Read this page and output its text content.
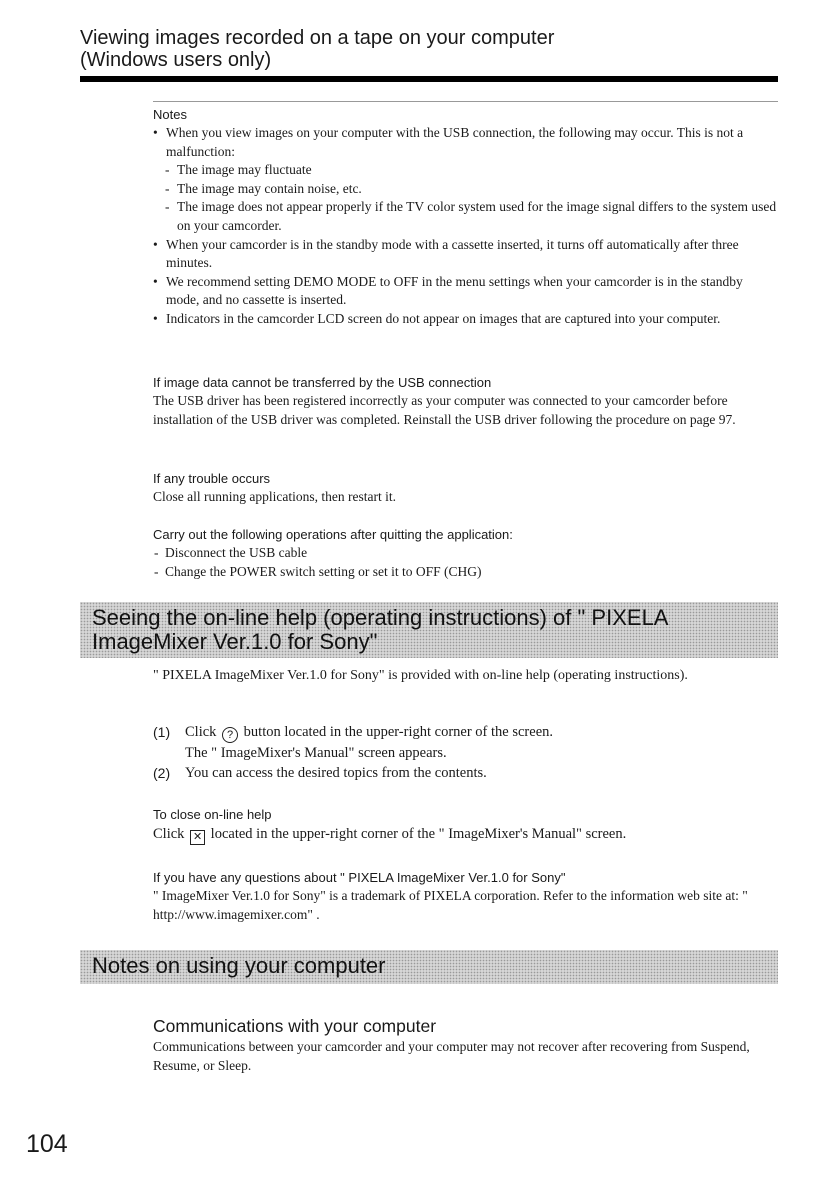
Viewing images recorded on a tape on your computer
(Windows users only)
Notes
• When you view images on your computer with the USB connection, the following may occur. This is not a malfunction:
- The image may fluctuate
- The image may contain noise, etc.
- The image does not appear properly if the TV color system used for the image signal differs to the system used on your camcorder.
• When your camcorder is in the standby mode with a cassette inserted, it turns off automatically after three minutes.
• We recommend setting DEMO MODE to OFF in the menu settings when your camcorder is in the standby mode, and no cassette is inserted.
• Indicators in the camcorder LCD screen do not appear on images that are captured into your computer.
If image data cannot be transferred by the USB connection

The USB driver has been registered incorrectly as your computer was connected to your camcorder before installation of the USB driver was completed. Reinstall the USB driver following the procedure on page 97.

If any trouble occurs

Close all running applications, then restart it.

Carry out the following operations after quitting the application:
- Disconnect the USB cable
- Change the POWER switch setting or set it to OFF (CHG)
Seeing the on-line help (operating instructions) of " PIXELA
ImageMixer Ver.1.0 for Sony"

" PIXELA ImageMixer Ver.1.0 for Sony" is provided with on-line help (operating instructions).

(1) Click ? button located in the upper-right corner of the screen.
The " ImageMixer's Manual" screen appears.
(2) You can access the desired topics from the contents.
To close on-line help

Click ✕ located in the upper-right corner of the " ImageMixer's Manual" screen.

If you have any questions about " PIXELA ImageMixer Ver.1.0 for Sony"

" ImageMixer Ver.1.0 for Sony" is a trademark of PIXELA corporation. Refer to the information web site at: " http://www.imagemixer.com" .

Notes on using your computer
Communications with your computer

Communications between your camcorder and your computer may not recover after recovering from Suspend, Resume, or Sleep.

104
